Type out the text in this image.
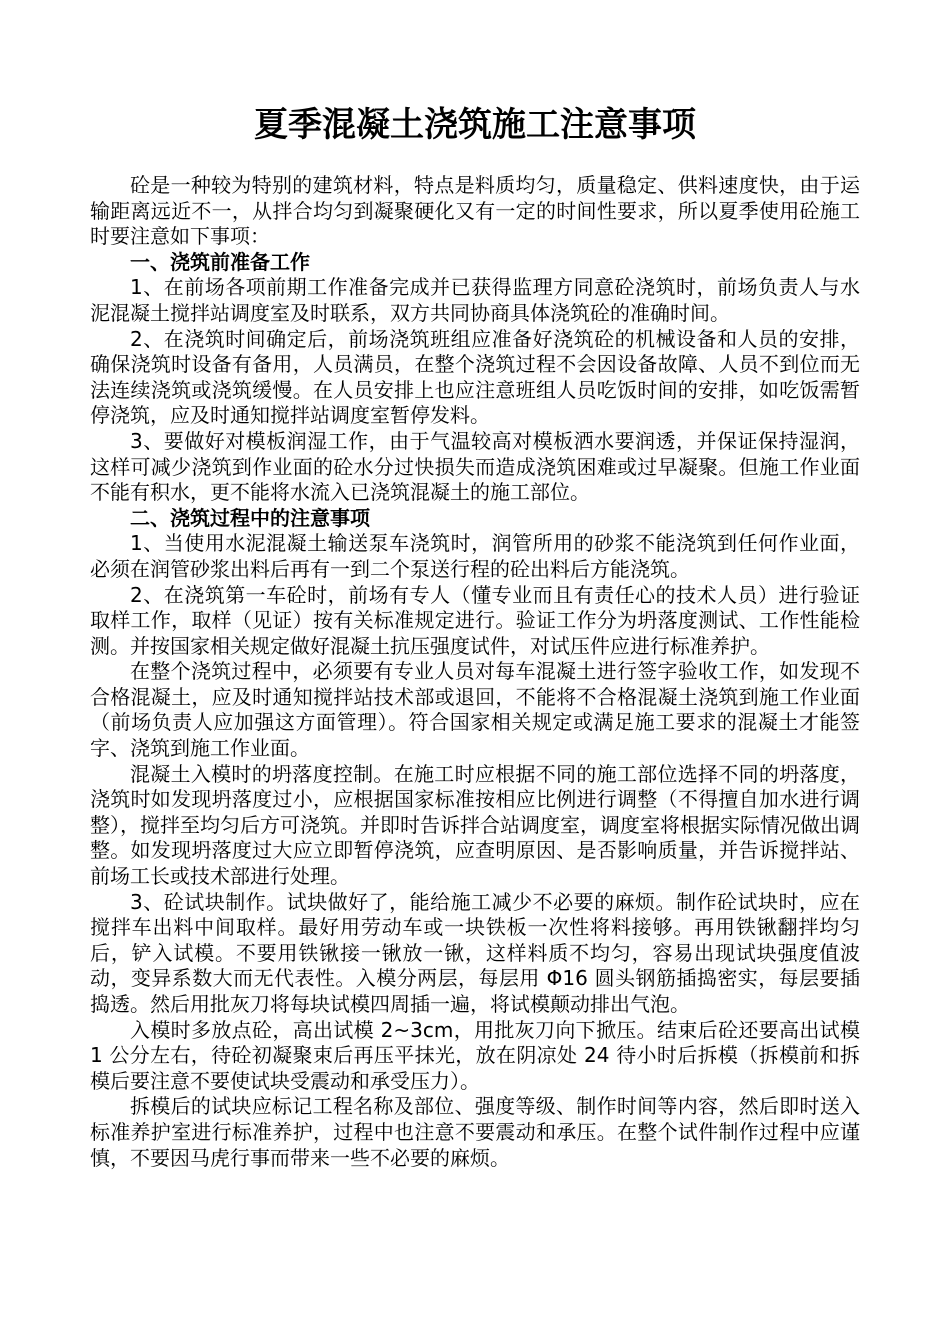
夏季混凝土浇筑施工注意事项

砼是一种较为特别的建筑材料，特点是料质均匀，质量稳定、供料速度快，由于运输距离远近不一，从拌合均匀到凝聚硬化又有一定的时间性要求，所以夏季使用砼施工时要注意如下事项：

一、浇筑前准备工作

1、在前场各项前期工作准备完成并已获得监理方同意砼浇筑时，前场负责人与水泥混凝土搅拌站调度室及时联系，双方共同协商具体浇筑砼的准确时间。

2、在浇筑时间确定后，前场浇筑班组应准备好浇筑砼的机械设备和人员的安排，确保浇筑时设备有备用，人员满员，在整个浇筑过程不会因设备故障、人员不到位而无法连续浇筑或浇筑缓慢。在人员安排上也应注意班组人员吃饭时间的安排，如吃饭需暂停浇筑，应及时通知搅拌站调度室暂停发料。

3、要做好对模板润湿工作，由于气温较高对模板洒水要润透，并保证保持湿润，这样可减少浇筑到作业面的砼水分过快损失而造成浇筑困难或过早凝聚。但施工作业面不能有积水，更不能将水流入已浇筑混凝土的施工部位。

二、浇筑过程中的注意事项

1、当使用水泥混凝土输送泵车浇筑时，润管所用的砂浆不能浇筑到任何作业面，必须在润管砂浆出料后再有一到二个泵送行程的砼出料后方能浇筑。

2、在浇筑第一车砼时，前场有专人（懂专业而且有责任心的技术人员）进行验证取样工作，取样（见证）按有关标准规定进行。验证工作分为坍落度测试、工作性能检测。并按国家相关规定做好混凝土抗压强度试件，对试压件应进行标准养护。

在整个浇筑过程中，必须要有专业人员对每车混凝土进行签字验收工作，如发现不合格混凝土，应及时通知搅拌站技术部或退回，不能将不合格混凝土浇筑到施工作业面（前场负责人应加强这方面管理）。符合国家相关规定或满足施工要求的混凝土才能签字、浇筑到施工作业面。

混凝土入模时的坍落度控制。在施工时应根据不同的施工部位选择不同的坍落度，浇筑时如发现坍落度过小，应根据国家标准按相应比例进行调整（不得擅自加水进行调整），搅拌至均匀后方可浇筑。并即时告诉拌合站调度室，调度室将根据实际情况做出调整。如发现坍落度过大应立即暂停浇筑，应查明原因、是否影响质量，并告诉搅拌站、前场工长或技术部进行处理。

3、砼试块制作。试块做好了，能给施工减少不必要的麻烦。制作砼试块时，应在搅拌车出料中间取样。最好用劳动车或一块铁板一次性将料接够。再用铁锹翻拌均匀后，铲入试模。不要用铁锹接一锹放一锹，这样料质不均匀，容易出现试块强度值波动，变异系数大而无代表性。入模分两层，每层用 Φ16 圆头钢筋插捣密实，每层要插捣透。然后用批灰刀将每块试模四周插一遍，将试模颠动排出气泡。

入模时多放点砼，高出试模 2~3cm，用批灰刀向下掀压。结束后砼还要高出试模 1 公分左右，待砼初凝聚束后再压平抹光，放在阴凉处 24 待小时后拆模（拆模前和拆模后要注意不要使试块受震动和承受压力）。

拆模后的试块应标记工程名称及部位、强度等级、制作时间等内容，然后即时送入标准养护室进行标准养护，过程中也注意不要震动和承压。在整个试件制作过程中应谨慎，不要因马虎行事而带来一些不必要的麻烦。
